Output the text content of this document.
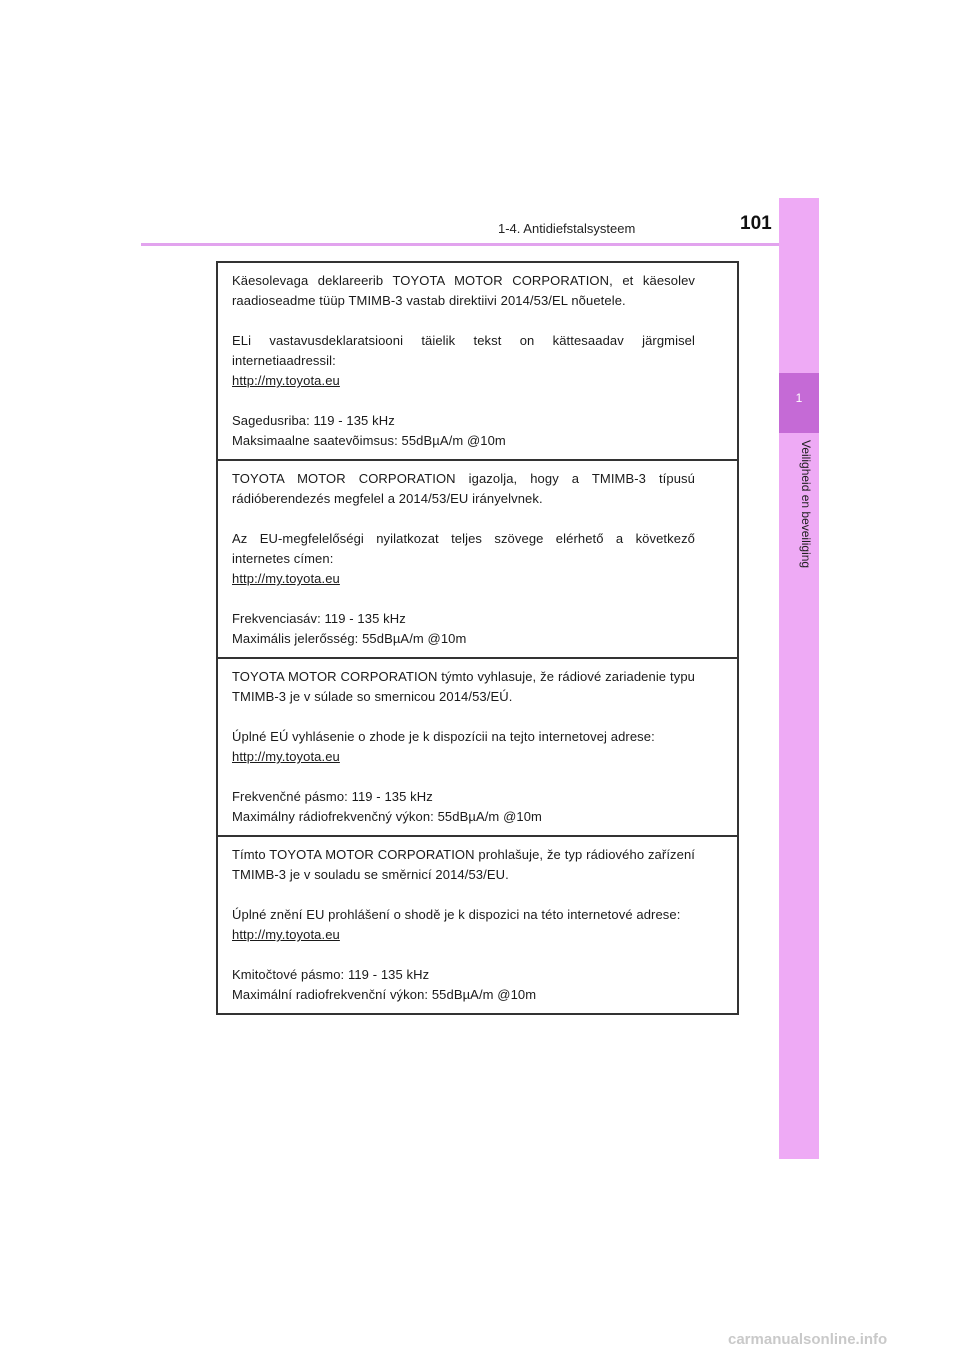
1-4. Antidiefstalsysteem	101
1
Veiligheid en beveiliging

Käesolevaga deklareerib TOYOTA MOTOR CORPORATION, et käesolev raadioseadme tüüp TMIMB-3 vastab direktiivi 2014/53/EL nõuetele.

ELi vastavusdeklaratsiooni täielik tekst on kättesaadav järgmisel internetiaadressil:

http://my.toyota.eu

Sagedusriba: 119 - 135 kHz

Maksimaalne saatevõimsus: 55dBµA/m @10m

TOYOTA MOTOR CORPORATION igazolja, hogy a TMIMB-3 típusú rádióberendezés megfelel a 2014/53/EU irányelvnek.

Az EU-megfelelőségi nyilatkozat teljes szövege elérhető a következő internetes címen:

http://my.toyota.eu

Frekvenciasáv: 119 - 135 kHz

Maximális jelerősség: 55dBµA/m @10m

TOYOTA MOTOR CORPORATION týmto vyhlasuje, že rádiové zariadenie typu TMIMB-3 je v súlade so smernicou 2014/53/EÚ.

Úplné EÚ vyhlásenie o zhode je k dispozícii na tejto internetovej adrese:

http://my.toyota.eu

Frekvenčné pásmo: 119 - 135 kHz

Maximálny rádiofrekvenčný výkon: 55dBµA/m @10m

Tímto TOYOTA MOTOR CORPORATION prohlašuje, že typ rádiového zařízení TMIMB-3 je v souladu se směrnicí 2014/53/EU.

Úplné znění EU prohlášení o shodě je k dispozici na této internetové adrese:

http://my.toyota.eu

Kmitočtové pásmo: 119 - 135 kHz

Maximální radiofrekvenční výkon: 55dBµA/m @10m

carmanualsonline.info
